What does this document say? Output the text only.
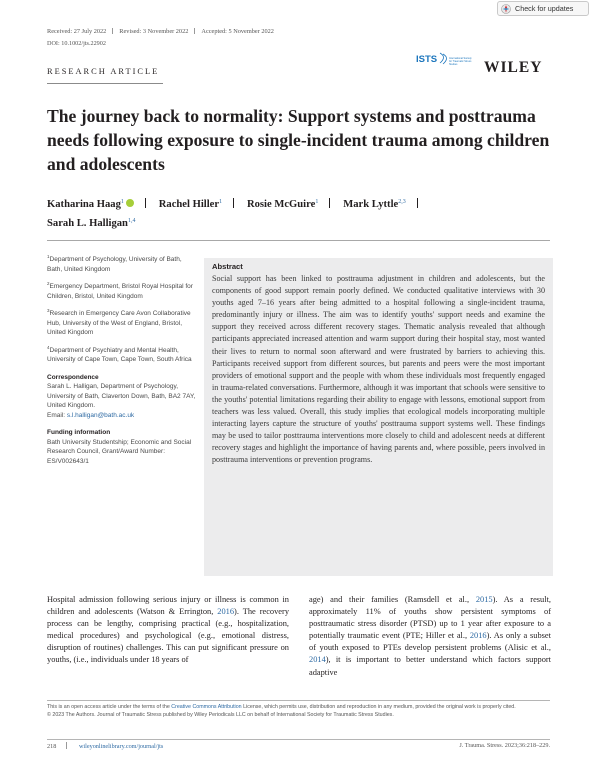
Check for updates
Received: 27 July 2022 Revised: 3 November 2022 Accepted: 5 November 2022
DOI: 10.1002/jts.22902
RESEARCH ARTICLE
ISTS	International Society
for Traumatic Stress
Studies WILEY
The journey back to normality: Support systems and posttrauma needs following exposure to single-incident trauma among children and adolescents
Katharina Haag$^1$	Rachel Hiller$^1$ Rosie McGuire$^1$ Mark Lyttle$^{2,3}$
Sarah L. Halligan$^{1,4}$
$^1$Department of Psychology, University of Bath, Bath, United Kingdom
$^2$Emergency Department, Bristol Royal Hospital for Children, Bristol, United Kingdom
$^3$Research in Emergency Care Avon Collaborative Hub, University of the West of England, Bristol, United Kingdom
$^4$Department of Psychiatry and Mental Health, University of Cape Town, Cape Town, South Africa
Correspondence
Sarah L. Halligan, Department of Psychology, University of Bath, Claverton Down, Bath, BA2 7AY, United Kingdom.
Email: s.l.halligan@bath.ac.uk
Funding information
Bath University Studentship; Economic and Social Research Council, Grant/Award Number: ES/V002643/1
Abstract

Social support has been linked to posttrauma adjustment in children and adolescents, but the components of good support remain poorly defined. We conducted qualitative interviews with 30 youths aged 7–16 years after being admitted to a hospital following a single-incident trauma, predominantly injury or illness. The aim was to identify youths' support needs and examine the support they received across different recovery stages. Thematic analysis revealed that although participants appreciated increased attention and warm support during their hospital stay, most wanted their lives to return to normal soon afterward and were frustrated by barriers to achieving this. Participants received support from different sources, but parents and peers were the most important providers of emotional support and the people with whom these individuals most frequently engaged in trauma-related conversations. Furthermore, although it was important that schools were sensitive to the youths' potential limitations regarding their ability to engage with lessons, emotional support from teachers was less valued. Overall, this study implies that ecological models incorporating multiple interacting layers capture the structure of youths' posttrauma support systems well. These findings may be used to tailor posttrauma interventions more closely to child and adolescent needs at different recovery stages and highlight the importance of having parents and, where possible, peers involved in posttrauma interventions or prevention programs.

Hospital admission following serious injury or illness is common in children and adolescents (Watson & Errington, 2016). The recovery process can be lengthy, comprising practical (e.g., hospitalization, medical procedures) and psychological (e.g., emotional distress, disruption of routines) challenges. This can put significant pressure on youths, (i.e., individuals under 18 years of
age) and their families (Ramsdell et al., 2015). As a result, approximately 11% of youths show persistent symptoms of posttraumatic stress disorder (PTSD) up to 1 year after exposure to a potentially traumatic event (PTE; Hiller et al., 2016). As only a subset of youth exposed to PTEs develop persistent problems (Alisic et al., 2014), it is important to better understand which factors support adaptive
This is an open access article under the terms of the Creative Commons Attribution License, which permits use, distribution and reproduction in any medium, provided the original work is properly cited.
© 2023 The Authors. Journal of Traumatic Stress published by Wiley Periodicals LLC on behalf of International Society for Traumatic Stress Studies.
218	wileyonlinelibrary.com/journal/jts	J. Trauma. Stress. 2023;36:218–229.
